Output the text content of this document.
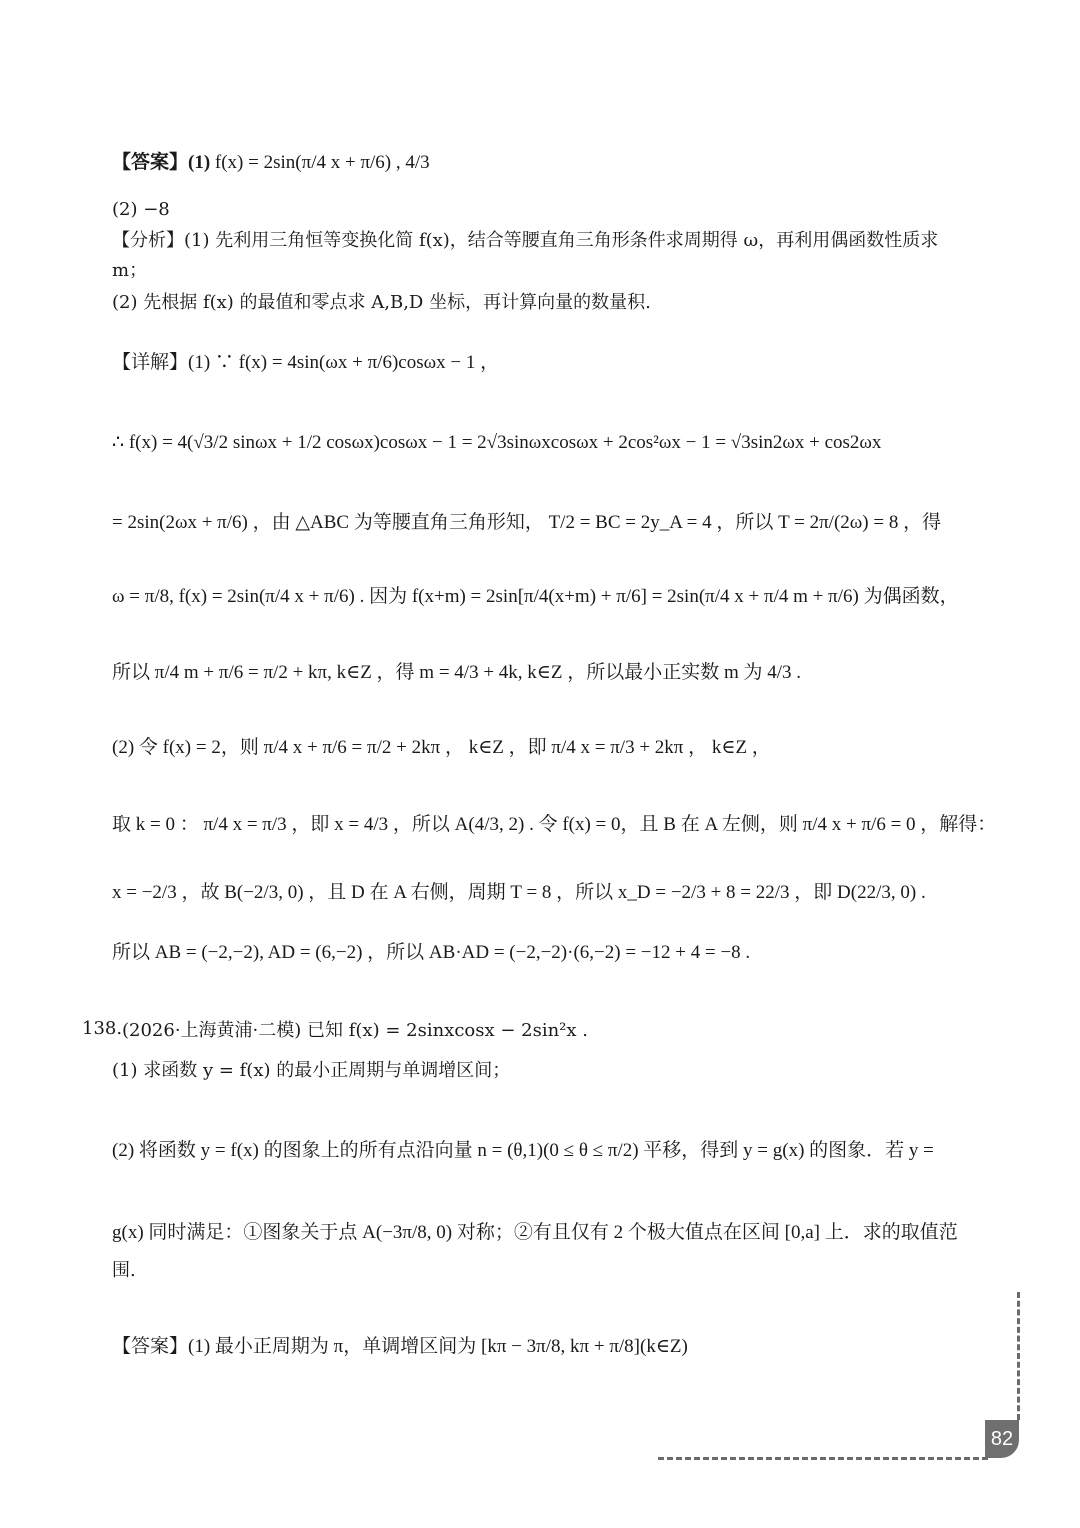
【答案】(1) f(x) = 2sin(π/4 x + π/6) , 4/3
(2) −8
【分析】(1) 先利用三角恒等变换化简 f(x)，结合等腰直角三角形条件求周期得 ω，再利用偶函数性质求
m；
(2) 先根据 f(x) 的最值和零点求 A,B,D 坐标，再计算向量的数量积.
【详解】(1) ∵ f(x) = 4sin(ωx + π/6)cosωx − 1 ，
∴ f(x) = 4(√3/2 sinωx + 1/2 cosωx)cosωx − 1 = 2√3sinωxcosωx + 2cos²ωx − 1 = √3sin2ωx + cos2ωx
= 2sin(2ωx + π/6) ，由 △ABC 为等腰直角三角形知， T/2 = BC = 2y_A = 4 ，所以 T = 2π/(2ω) = 8 ，得
ω = π/8, f(x) = 2sin(π/4 x + π/6) . 因为 f(x+m) = 2sin[π/4(x+m) + π/6] = 2sin(π/4 x + π/4 m + π/6) 为偶函数，
所以 π/4 m + π/6 = π/2 + kπ, k∈Z ，得 m = 4/3 + 4k, k∈Z ，所以最小正实数 m 为 4/3 .
(2) 令 f(x) = 2，则 π/4 x + π/6 = π/2 + 2kπ ， k∈Z ，即 π/4 x = π/3 + 2kπ ， k∈Z ，
取 k = 0 ： π/4 x = π/3 ，即 x = 4/3 ，所以 A(4/3, 2) . 令 f(x) = 0，且 B 在 A 左侧，则 π/4 x + π/6 = 0 ，解得：
x = −2/3 ，故 B(−2/3, 0) ，且 D 在 A 右侧，周期 T = 8 ，所以 x_D = −2/3 + 8 = 22/3 ，即 D(22/3, 0) .
所以 AB = (−2,−2), AD = (6,−2) ，所以 AB·AD = (−2,−2)·(6,−2) = −12 + 4 = −8 .
138. (2026·上海黄浦·二模) 已知 f(x) = 2sinxcosx − 2sin²x .
(1) 求函数 y = f(x) 的最小正周期与单调增区间；
(2) 将函数 y = f(x) 的图象上的所有点沿向量 n = (θ,1)(0 ≤ θ ≤ π/2) 平移，得到 y = g(x) 的图象．若 y =
g(x) 同时满足：①图象关于点 A(−3π/8, 0) 对称；②有且仅有 2 个极大值点在区间 [0,a] 上．求的取值范
围.
【答案】(1) 最小正周期为 π，单调增区间为 [kπ − 3π/8, kπ + π/8](k∈Z)
82
